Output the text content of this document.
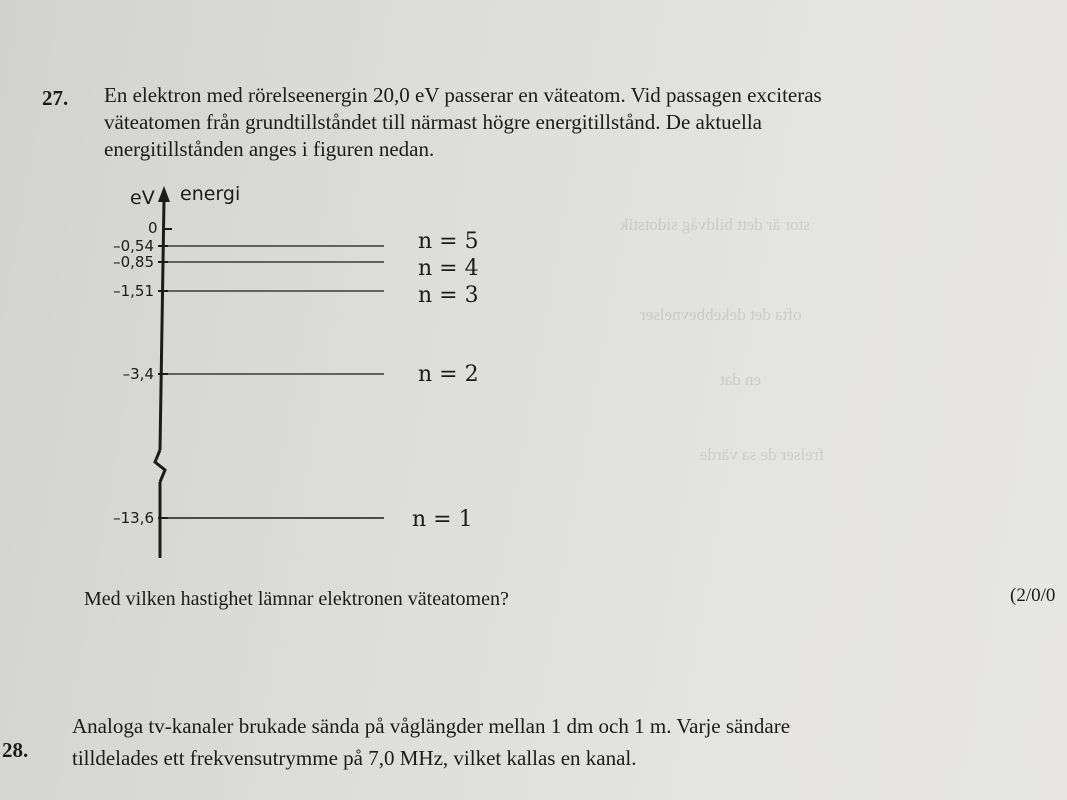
stor är dett bildvåg sidotstik
ofta det dekebbevnelser
frelser de sa värde
en dat
27. En elektron med rörelseenergin 20,0 eV passerar en väteatom. Vid passagen exciteras
väteatomen från grundtillståndet till närmast högre energitillstånd. De aktuella
energitillstånden anges i figuren nedan.
eV energi
0
–0,54	n = 5
–0,85	n = 4
–1,51	n = 3
–3,4	n = 2
–13,6	n = 1
Med vilken hastighet lämnar elektronen väteatomen?	(2/0/0
28.
Analoga tv-kanaler brukade sända på våglängder mellan 1 dm och 1 m. Varje sändare
tilldelades ett frekvensutrymme på 7,0 MHz, vilket kallas en kanal.
